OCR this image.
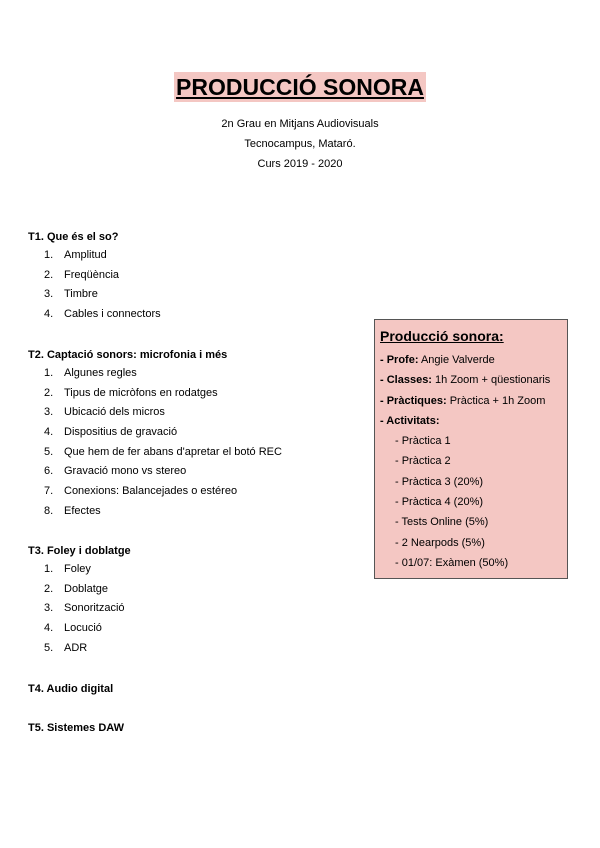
PRODUCCIÓ SONORA
2n Grau en Mitjans Audiovisuals
Tecnocampus, Mataró.
Curs 2019 - 2020
T1. Que és el so?
1. Amplitud
2. Freqüència
3. Timbre
4. Cables i connectors
T2. Captació sonors: microfonia i més
1. Algunes regles
2. Tipus de micròfons en rodatges
3. Ubicació dels micros
4. Dispositius de gravació
5. Que hem de fer abans d'apretar el botó REC
6. Gravació mono vs stereo
7. Conexions: Balancejades o estéreo
8. Efectes
T3. Foley i doblatge
1. Foley
2. Doblatge
3. Sonorització
4. Locució
5. ADR
T4. Audio digital
T5. Sistemes DAW
Producció sonora:
- Profe: Angie Valverde
- Classes: 1h Zoom + qüestionaris
- Pràctiques: Pràctica + 1h Zoom
- Activitats:
- Pràctica 1
- Pràctica 2
- Pràctica 3 (20%)
- Pràctica 4 (20%)
- Tests Online (5%)
- 2 Nearpods (5%)
- 01/07: Exàmen (50%)
